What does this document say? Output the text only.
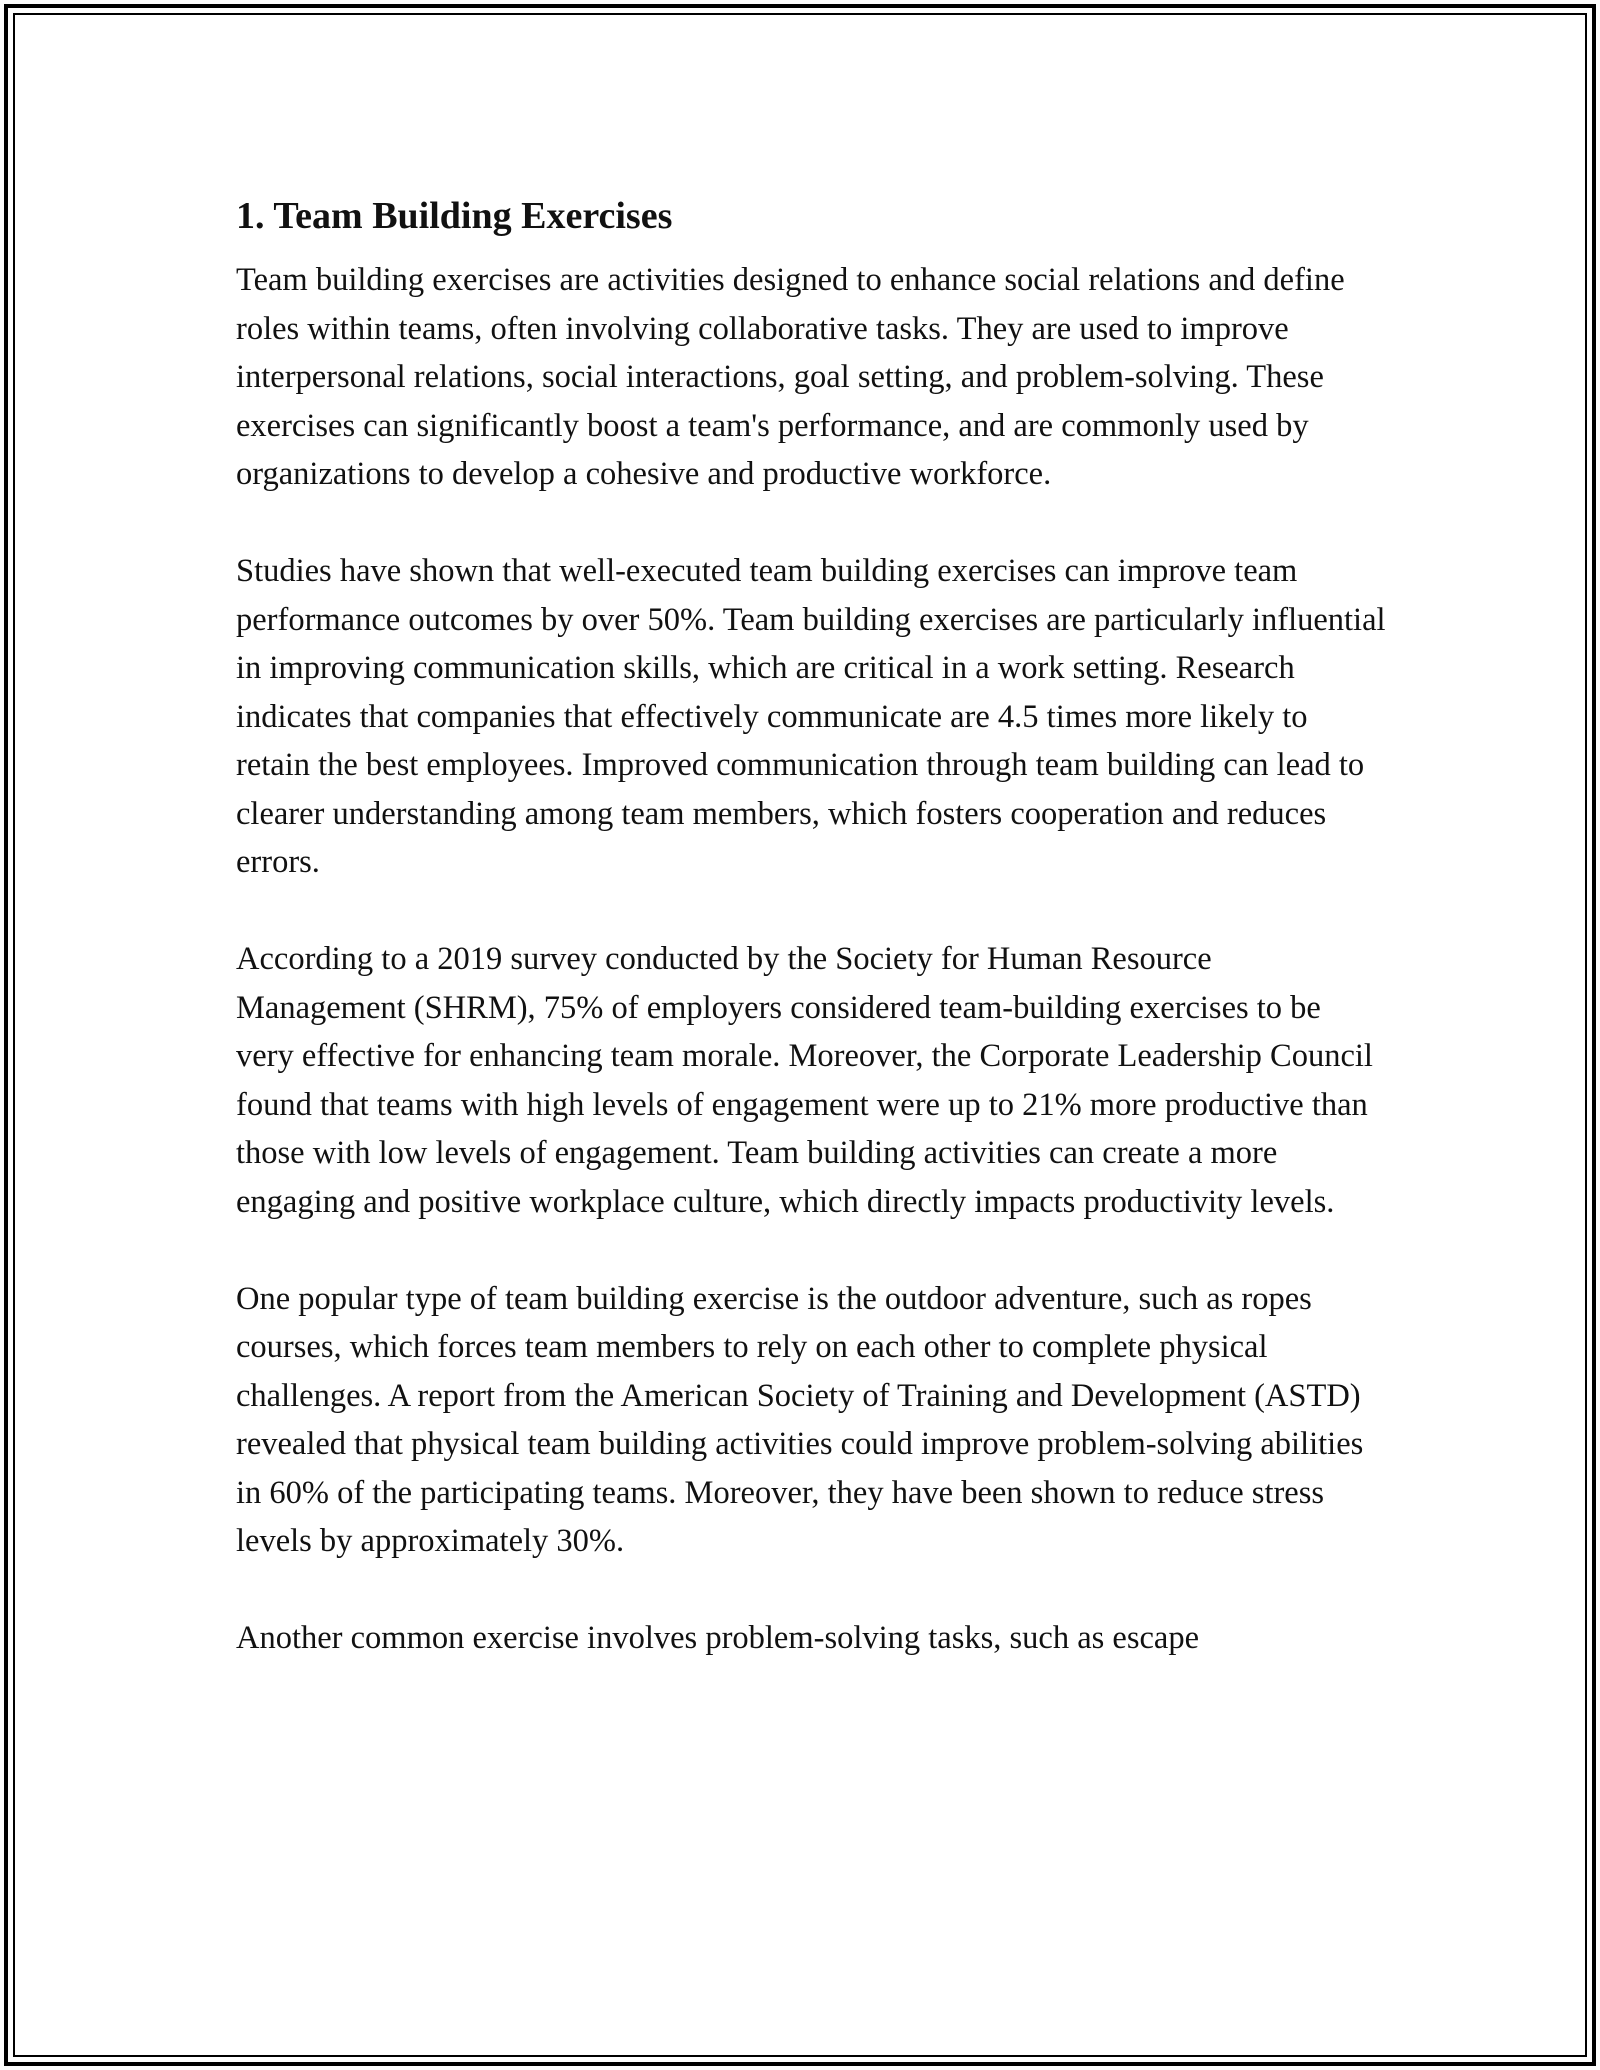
1. Team Building Exercises

Team building exercises are activities designed to enhance social relations and define roles within teams, often involving collaborative tasks. They are used to improve interpersonal relations, social interactions, goal setting, and problem-solving. These exercises can significantly boost a team's performance, and are commonly used by organizations to develop a cohesive and productive workforce.

Studies have shown that well-executed team building exercises can improve team performance outcomes by over 50%. Team building exercises are particularly influential in improving communication skills, which are critical in a work setting. Research indicates that companies that effectively communicate are 4.5 times more likely to retain the best employees. Improved communication through team building can lead to clearer understanding among team members, which fosters cooperation and reduces errors.

According to a 2019 survey conducted by the Society for Human Resource Management (SHRM), 75% of employers considered team-building exercises to be very effective for enhancing team morale. Moreover, the Corporate Leadership Council found that teams with high levels of engagement were up to 21% more productive than those with low levels of engagement. Team building activities can create a more engaging and positive workplace culture, which directly impacts productivity levels.

One popular type of team building exercise is the outdoor adventure, such as ropes courses, which forces team members to rely on each other to complete physical challenges. A report from the American Society of Training and Development (ASTD) revealed that physical team building activities could improve problem-solving abilities in 60% of the participating teams. Moreover, they have been shown to reduce stress levels by approximately 30%.

Another common exercise involves problem-solving tasks, such as escape
